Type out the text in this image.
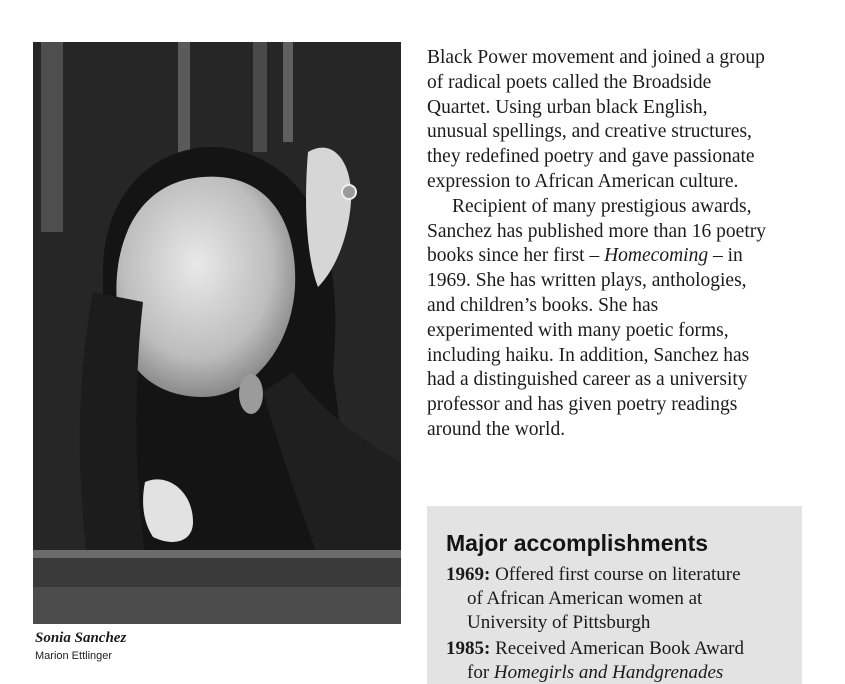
Sonia Sanchez
Marion Ettlinger

Black Power movement and joined a group
of radical poets called the Broadside
Quartet. Using urban black English,
unusual spellings, and creative structures,
they redefined poetry and gave passionate
expression to African American culture.

Recipient of many prestigious awards,
Sanchez has published more than 16 poetry
books since her first – Homecoming – in
1969. She has written plays, anthologies,
and children’s books. She has
experimented with many poetic forms,
including haiku. In addition, Sanchez has
had a distinguished career as a university
professor and has given poetry readings
around the world.

Major accomplishments
1969: Offered first course on literature
of African American women at
University of Pittsburgh
1985: Received American Book Award
for Homegirls and Handgrenades
